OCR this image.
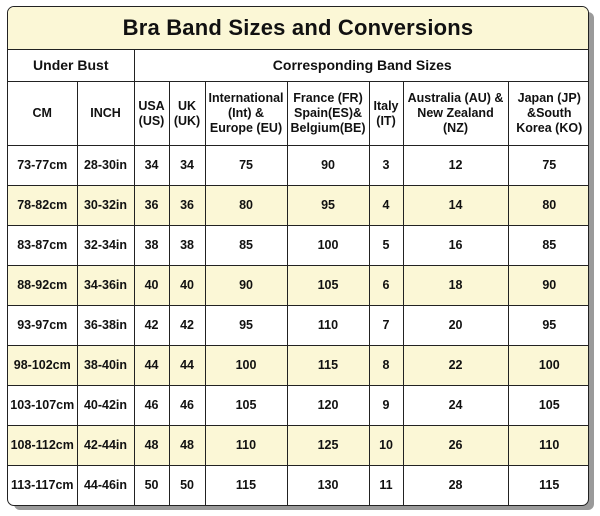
Bra Band Sizes and Conversions
Under Bust		Corresponding Band Sizes						
CM	INCH	USA (US)	UK (UK)	International (Int) & Europe (EU)	France (FR) Spain(ES)& Belgium(BE)	Italy (IT)	Australia (AU) & New Zealand (NZ)	Japan (JP) &South Korea (KO)
73-77cm	28-30in	34	34	75	90	3	12	75
78-82cm	30-32in	36	36	80	95	4	14	80
83-87cm	32-34in	38	38	85	100	5	16	85
88-92cm	34-36in	40	40	90	105	6	18	90
93-97cm	36-38in	42	42	95	110	7	20	95
98-102cm	38-40in	44	44	100	115	8	22	100
103-107cm	40-42in	46	46	105	120	9	24	105
108-112cm	42-44in	48	48	110	125	10	26	110
113-117cm	44-46in	50	50	115	130	11	28	115
